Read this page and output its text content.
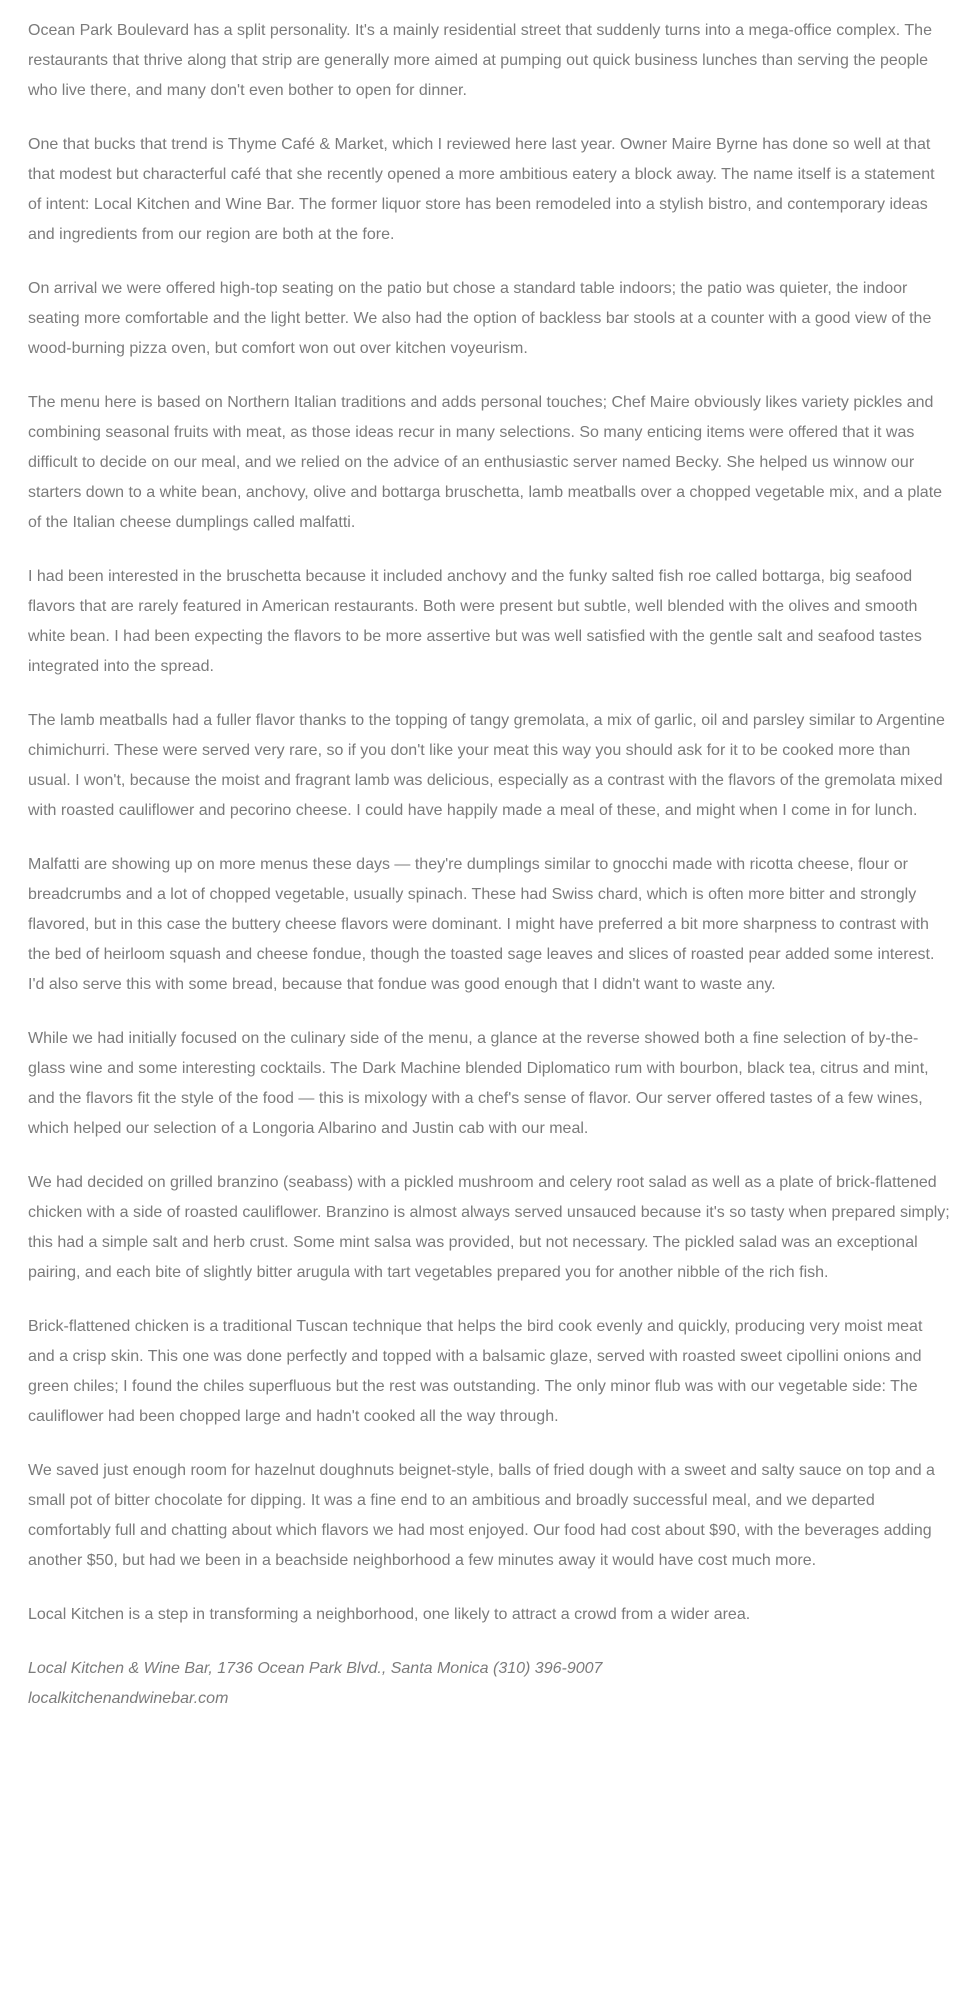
Ocean Park Boulevard has a split personality. It's a mainly residential street that suddenly turns into a mega-office complex. The restaurants that thrive along that strip are generally more aimed at pumping out quick business lunches than serving the people who live there, and many don't even bother to open for dinner.

One that bucks that trend is Thyme Café & Market, which I reviewed here last year. Owner Maire Byrne has done so well at that that modest but characterful café that she recently opened a more ambitious eatery a block away. The name itself is a statement of intent: Local Kitchen and Wine Bar. The former liquor store has been remodeled into a stylish bistro, and contemporary ideas and ingredients from our region are both at the fore.

On arrival we were offered high-top seating on the patio but chose a standard table indoors; the patio was quieter, the indoor seating more comfortable and the light better. We also had the option of backless bar stools at a counter with a good view of the wood-burning pizza oven, but comfort won out over kitchen voyeurism.

The menu here is based on Northern Italian traditions and adds personal touches; Chef Maire obviously likes variety pickles and combining seasonal fruits with meat, as those ideas recur in many selections. So many enticing items were offered that it was difficult to decide on our meal, and we relied on the advice of an enthusiastic server named Becky. She helped us winnow our starters down to a white bean, anchovy, olive and bottarga bruschetta, lamb meatballs over a chopped vegetable mix, and a plate of the Italian cheese dumplings called malfatti.

I had been interested in the bruschetta because it included anchovy and the funky salted fish roe called bottarga, big seafood flavors that are rarely featured in American restaurants. Both were present but subtle, well blended with the olives and smooth white bean. I had been expecting the flavors to be more assertive but was well satisfied with the gentle salt and seafood tastes integrated into the spread.

The lamb meatballs had a fuller flavor thanks to the topping of tangy gremolata, a mix of garlic, oil and parsley similar to Argentine chimichurri. These were served very rare, so if you don't like your meat this way you should ask for it to be cooked more than usual. I won't, because the moist and fragrant lamb was delicious, especially as a contrast with the flavors of the gremolata mixed with roasted cauliflower and pecorino cheese. I could have happily made a meal of these, and might when I come in for lunch.

Malfatti are showing up on more menus these days — they're dumplings similar to gnocchi made with ricotta cheese, flour or breadcrumbs and a lot of chopped vegetable, usually spinach. These had Swiss chard, which is often more bitter and strongly flavored, but in this case the buttery cheese flavors were dominant. I might have preferred a bit more sharpness to contrast with the bed of heirloom squash and cheese fondue, though the toasted sage leaves and slices of roasted pear added some interest. I'd also serve this with some bread, because that fondue was good enough that I didn't want to waste any.

While we had initially focused on the culinary side of the menu, a glance at the reverse showed both a fine selection of by-the-glass wine and some interesting cocktails. The Dark Machine blended Diplomatico rum with bourbon, black tea, citrus and mint, and the flavors fit the style of the food — this is mixology with a chef's sense of flavor. Our server offered tastes of a few wines, which helped our selection of a Longoria Albarino and Justin cab with our meal.

We had decided on grilled branzino (seabass) with a pickled mushroom and celery root salad as well as a plate of brick-flattened chicken with a side of roasted cauliflower. Branzino is almost always served unsauced because it's so tasty when prepared simply; this had a simple salt and herb crust. Some mint salsa was provided, but not necessary. The pickled salad was an exceptional pairing, and each bite of slightly bitter arugula with tart vegetables prepared you for another nibble of the rich fish.

Brick-flattened chicken is a traditional Tuscan technique that helps the bird cook evenly and quickly, producing very moist meat and a crisp skin. This one was done perfectly and topped with a balsamic glaze, served with roasted sweet cipollini onions and green chiles; I found the chiles superfluous but the rest was outstanding. The only minor flub was with our vegetable side: The cauliflower had been chopped large and hadn't cooked all the way through.

We saved just enough room for hazelnut doughnuts beignet-style, balls of fried dough with a sweet and salty sauce on top and a small pot of bitter chocolate for dipping. It was a fine end to an ambitious and broadly successful meal, and we departed comfortably full and chatting about which flavors we had most enjoyed. Our food had cost about $90, with the beverages adding another $50, but had we been in a beachside neighborhood a few minutes away it would have cost much more.

Local Kitchen is a step in transforming a neighborhood, one likely to attract a crowd from a wider area.

Local Kitchen & Wine Bar, 1736 Ocean Park Blvd., Santa Monica (310) 396-9007
localkitchenandwinebar.com
